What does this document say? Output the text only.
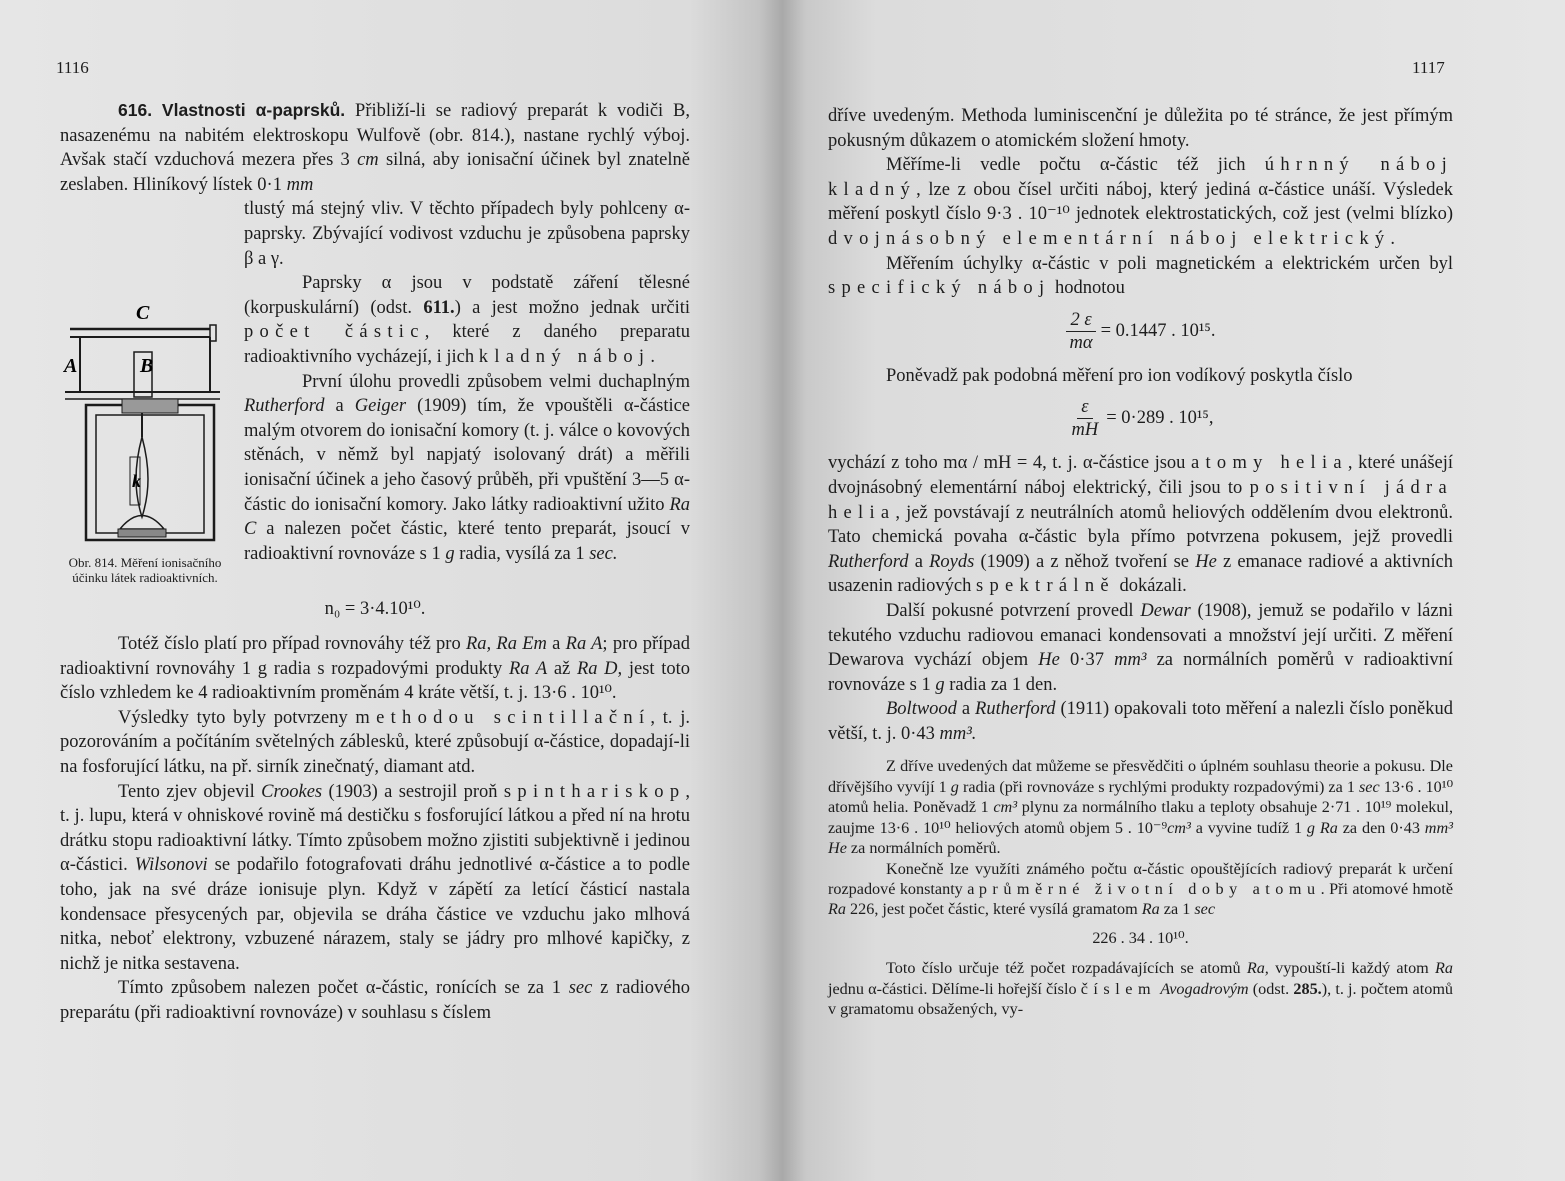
1116

616. Vlastnosti α-paprsků. Přibliží-li se radiový preparát k vodiči B, nasazenému na nabitém elektroskopu Wulfově (obr. 814.), nastane rychlý výboj. Avšak stačí vzduchová mezera přes 3 cm silná, aby ionisační účinek byl znatelně zeslaben. Hliníkový lístek 0·1 mm

C
A	B
k
Obr. 814. Měření ionisačního účinku látek radioaktivních.

tlustý má stejný vliv. V těchto případech byly pohlceny α-paprsky. Zbývající vodivost vzduchu je způsobena paprsky β a γ.

Paprsky α jsou v podstatě záření tělesné (korpuskulární) (odst. 611.) a jest možno jednak určiti počet částic, které z daného preparatu radioaktivního vycházejí, i jich kladný náboj.

První úlohu provedli způsobem velmi duchaplným Rutherford a Geiger (1909) tím, že vpouštěli α-částice malým otvorem do ionisační komory (t. j. válce o kovových stěnách, v němž byl napjatý isolovaný drát) a měřili ionisační účinek a jeho časový průběh, při vpuštění 3—5 α-částic do ionisační komory. Jako látky radioaktivní užito Ra C a nalezen počet částic, které tento preparát, jsoucí v radioaktivní rovnováze s 1 g radia, vysílá za 1 sec.

n₀ = 3·4.10¹⁰.

Totéž číslo platí pro případ rovnováhy též pro Ra, Ra Em a Ra A; pro případ radioaktivní rovnováhy 1 g radia s rozpadovými produkty Ra A až Ra D, jest toto číslo vzhledem ke 4 radioaktivním proměnám 4 kráte větší, t. j. 13·6 . 10¹⁰.

Výsledky tyto byly potvrzeny methodou scintillační, t. j. pozorováním a počítáním světelných záblesků, které způsobují α-částice, dopadají-li na fosforující látku, na př. sirník zinečnatý, diamant atd.

Tento zjev objevil Crookes (1903) a sestrojil proň spinthariskop, t. j. lupu, která v ohniskové rovině má destičku s fosforující látkou a před ní na hrotu drátku stopu radioaktivní látky. Tímto způsobem možno zjistiti subjektivně i jedinou α-částici. Wilsonovi se podařilo fotografovati dráhu jednotlivé α-částice a to podle toho, jak na své dráze ionisuje plyn. Když v zápětí za letící částicí nastala kondensace přesycených par, objevila se dráha částice ve vzduchu jako mlhová nitka, neboť elektrony, vzbuzené nárazem, staly se jádry pro mlhové kapičky, z nichž je nitka sestavena.

Tímto způsobem nalezen počet α-částic, ronících se za 1 sec z radiového preparátu (při radioaktivní rovnováze) v souhlasu s číslem

1117

dříve uvedeným. Methoda luminiscenční je důležita po té stránce, že jest přímým pokusným důkazem o atomickém složení hmoty.

Měříme-li vedle počtu α-částic též jich úhrnný náboj kladný, lze z obou čísel určiti náboj, který jediná α-částice unáší. Výsledek měření poskytl číslo 9·3 . 10⁻¹⁰ jednotek elektrostatických, což jest (velmi blízko) dvojnásobný elementární náboj elektrický.

Měřením úchylky α-částic v poli magnetickém a elektrickém určen byl specifický náboj hodnotou

$\frac{2 \varepsilon}{m\alpha} = 0.1447$ . 10¹⁵.

Poněvadž pak podobná měření pro ion vodíkový poskytla číslo

$\frac{\varepsilon}{mH} = 0\cdot 289$ . 10¹⁵,

vychází z toho mα / mH = 4, t. j. α-částice jsou atomy helia, které unášejí dvojnásobný elementární náboj elektrický, čili jsou to positivní jádra helia, jež povstávají z neutrálních atomů heliových oddělením dvou elektronů. Tato chemická povaha α-částic byla přímo potvrzena pokusem, jejž provedli Rutherford a Royds (1909) a z něhož tvoření se He z emanace radiové a aktivních usazenin radiových spektrálně dokázali.

Další pokusné potvrzení provedl Dewar (1908), jemuž se podařilo v lázni tekutého vzduchu radiovou emanaci kondensovati a množství její určiti. Z měření Dewarova vychází objem He 0·37 mm³ za normálních poměrů v radioaktivní rovnováze s 1 g radia za 1 den.

Boltwood a Rutherford (1911) opakovali toto měření a nalezli číslo poněkud větší, t. j. 0·43 mm³.

Z dříve uvedených dat můžeme se přesvědčiti o úplném souhlasu theorie a pokusu. Dle dřívějšího vyvíjí 1 g radia (při rovnováze s rychlými produkty rozpadovými) za 1 sec 13·6 . 10¹⁰ atomů helia. Poněvadž 1 cm³ plynu za normálního tlaku a teploty obsahuje 2·71 . 10¹⁹ molekul, zaujme 13·6 . 10¹⁰ heliových atomů objem 5 . 10⁻⁹cm³ a vyvine tudíž 1 g Ra za den 0·43 mm³ He za normálních poměrů.

Konečně lze využíti známého počtu α-částic opouštějících radiový preparát k určení rozpadové konstanty a průměrné životní doby atomu. Při atomové hmotě Ra 226, jest počet částic, které vysílá gramatom Ra za 1 sec

226 . 34 . 10¹⁰.

Toto číslo určuje též počet rozpadávajících se atomů Ra, vypouští-li každý atom Ra jednu α-částici. Dělíme-li hořejší číslo číslem Avogadrovým (odst. 285.), t. j. počtem atomů v gramatomu obsažených, vy-
